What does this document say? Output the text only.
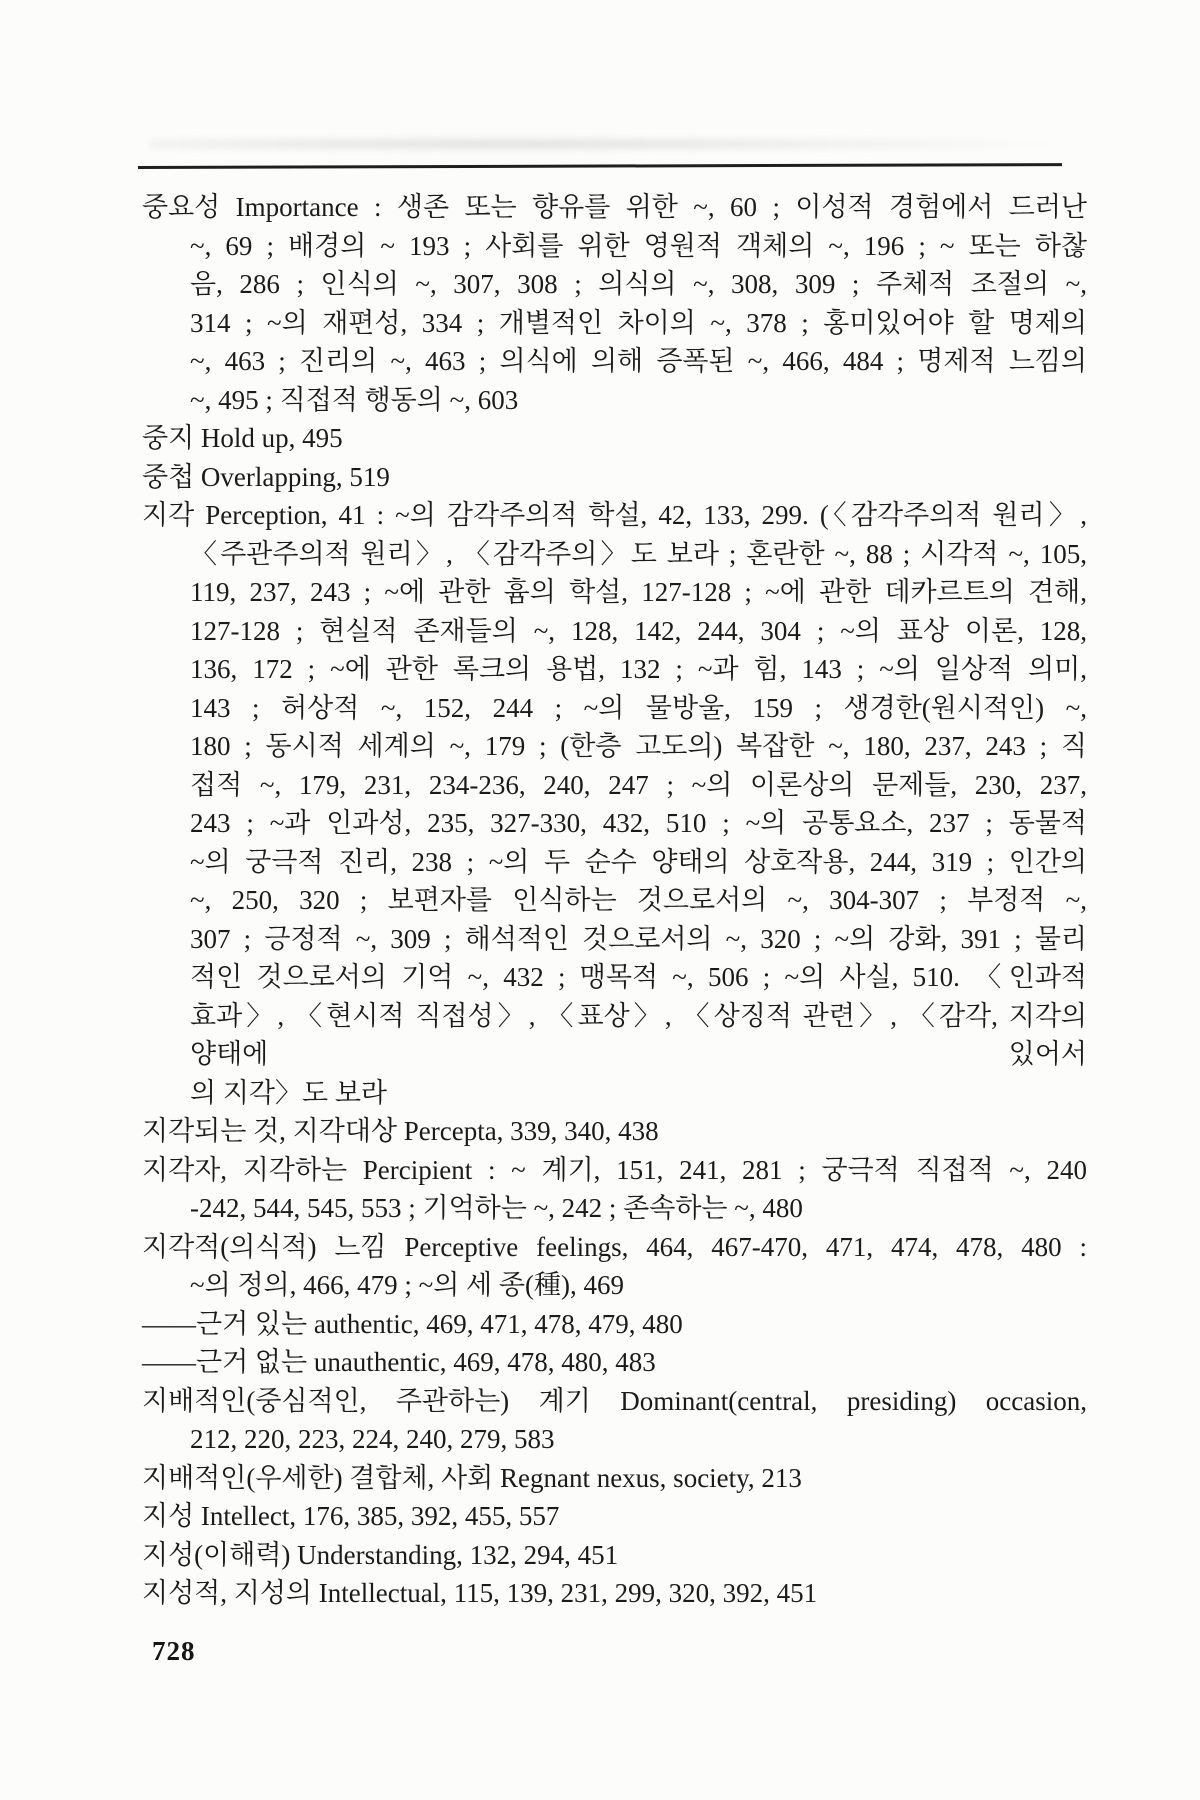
중요성 Importance : 생존 또는 향유를 위한 ~, 60 ; 이성적 경험에서 드러난
~, 69 ; 배경의 ~ 193 ; 사회를 위한 영원적 객체의 ~, 196 ; ~ 또는 하찮
음, 286 ; 인식의 ~, 307, 308 ; 의식의 ~, 308, 309 ; 주체적 조절의 ~,
314 ; ~의 재편성, 334 ; 개별적인 차이의 ~, 378 ; 홍미있어야 할 명제의
~, 463 ; 진리의 ~, 463 ; 의식에 의해 증폭된 ~, 466, 484 ; 명제적 느낌의
~, 495 ; 직접적 행동의 ~, 603
중지 Hold up, 495
중첩 Overlapping, 519
지각 Perception, 41 : ~의 감각주의적 학설, 42, 133, 299. (〈감각주의적 원리〉,
〈주관주의적 원리〉, 〈감각주의〉도 보라 ; 혼란한 ~, 88 ; 시각적 ~, 105,
119, 237, 243 ; ~에 관한 흄의 학설, 127-128 ; ~에 관한 데카르트의 견해,
127-128 ; 현실적 존재들의 ~, 128, 142, 244, 304 ; ~의 표상 이론, 128,
136, 172 ; ~에 관한 록크의 용법, 132 ; ~과 힘, 143 ; ~의 일상적 의미,
143 ; 허상적 ~, 152, 244 ; ~의 물방울, 159 ; 생경한(원시적인) ~,
180 ; 동시적 세계의 ~, 179 ; (한층 고도의) 복잡한 ~, 180, 237, 243 ; 직
접적 ~, 179, 231, 234-236, 240, 247 ; ~의 이론상의 문제들, 230, 237,
243 ; ~과 인과성, 235, 327-330, 432, 510 ; ~의 공통요소, 237 ; 동물적
~의 궁극적 진리, 238 ; ~의 두 순수 양태의 상호작용, 244, 319 ; 인간의
~, 250, 320 ; 보편자를 인식하는 것으로서의 ~, 304-307 ; 부정적 ~,
307 ; 긍정적 ~, 309 ; 해석적인 것으로서의 ~, 320 ; ~의 강화, 391 ; 물리
적인 것으로서의 기억 ~, 432 ; 맹목적 ~, 506 ; ~의 사실, 510. 〈인과적
효과〉, 〈현시적 직접성〉, 〈표상〉, 〈상징적 관련〉, 〈감각, 지각의 양태에 있어서
의 지각〉도 보라
지각되는 것, 지각대상 Percepta, 339, 340, 438
지각자, 지각하는 Percipient : ~ 계기, 151, 241, 281 ; 궁극적 직접적 ~, 240
-242, 544, 545, 553 ; 기억하는 ~, 242 ; 존속하는 ~, 480
지각적(의식적) 느낌 Perceptive feelings, 464, 467-470, 471, 474, 478, 480 :
~의 정의, 466, 479 ; ~의 세 종(種), 469
——근거 있는 authentic, 469, 471, 478, 479, 480
——근거 없는 unauthentic, 469, 478, 480, 483
지배적인(중심적인, 주관하는) 계기 Dominant(central, presiding) occasion,
212, 220, 223, 224, 240, 279, 583
지배적인(우세한) 결합체, 사회 Regnant nexus, society, 213
지성 Intellect, 176, 385, 392, 455, 557
지성(이해력) Understanding, 132, 294, 451
지성적, 지성의 Intellectual, 115, 139, 231, 299, 320, 392, 451
728
